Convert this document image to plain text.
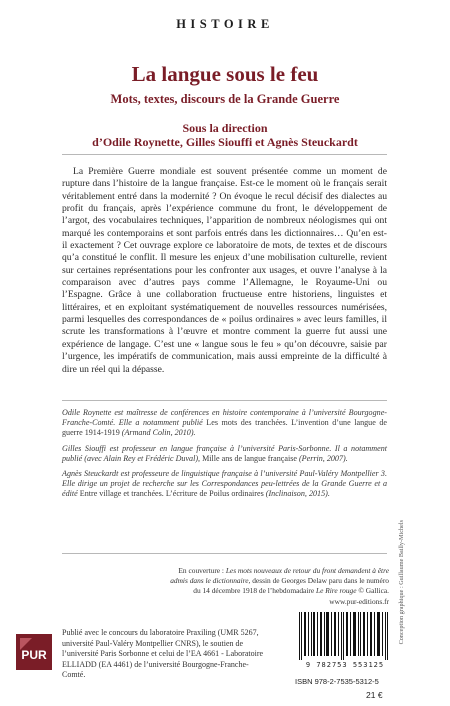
HISTOIRE
La langue sous le feu
Mots, textes, discours de la Grande Guerre
Sous la direction
d’Odile Roynette, Gilles Siouffi et Agnès Steuckardt

La Première Guerre mondiale est souvent présentée comme un moment de rupture dans l’histoire de la langue française. Est-ce le moment où le français serait véritablement entré dans la modernité ? On évoque le recul décisif des dialectes au profit du français, après l’expérience commune du front, le développement de l’argot, des vocabulaires techniques, l’apparition de nombreux néologismes qui ont marqué les contemporains et sont parfois entrés dans les dictionnaires… Qu’en est-il exactement ? Cet ouvrage explore ce laboratoire de mots, de textes et de discours qu’a constitué le conflit. Il mesure les enjeux d’une mobilisation culturelle, revient sur certaines représentations pour les confronter aux usages, et ouvre l’analyse à la comparaison avec d’autres pays comme l’Allemagne, le Royaume-Uni ou l’Espagne. Grâce à une collaboration fructueuse entre historiens, linguistes et littéraires, et en exploitant systématiquement de nouvelles ressources numérisées, parmi lesquelles des correspondances de « poilus ordinaires » avec leurs familles, il scrute les transformations à l’œuvre et montre comment la guerre fut aussi une expérience de langage. C’est une « langue sous le feu » qu’on découvre, saisie par l’urgence, les impératifs de communication, mais aussi empreinte de la difficulté à dire un réel qui la dépasse.

Odile Roynette est maîtresse de conférences en histoire contemporaine à l’université Bourgogne-Franche-Comté. Elle a notamment publié Les mots des tranchées. L’invention d’une langue de guerre 1914-1919 (Armand Colin, 2010).

Gilles Siouffi est professeur en langue française à l’université Paris-Sorbonne. Il a notamment publié (avec Alain Rey et Frédéric Duval), Mille ans de langue française (Perrin, 2007).

Agnès Steuckardt est professeure de linguistique française à l’université Paul-Valéry Montpellier 3. Elle dirige un projet de recherche sur les Correspondances peu-lettrées de la Grande Guerre et a édité Entre village et tranchées. L’écriture de Poilus ordinaires (Inclinaison, 2015).

En couverture : Les mots nouveaux de retour du front demandent à être admis dans le dictionnaire, dessin de Georges Delaw paru dans le numéro du 14 décembre 1918 de l’hebdomadaire Le Rire rouge © Gallica.
www.pur-editions.fr Conception graphique : Guillaume Bailly-Michels
PUR
Publié avec le concours du laboratoire Praxiling (UMR 5267, université Paul-Valéry Montpellier CNRS), le soutien de l’université Paris Sorbonne et celui de l’EA 4661 - Laboratoire ELLIADD (EA 4461) de l’université Bourgogne-Franche-Comté.
9 782753 553125
ISBN 978-2-7535-5312-5
21 €
